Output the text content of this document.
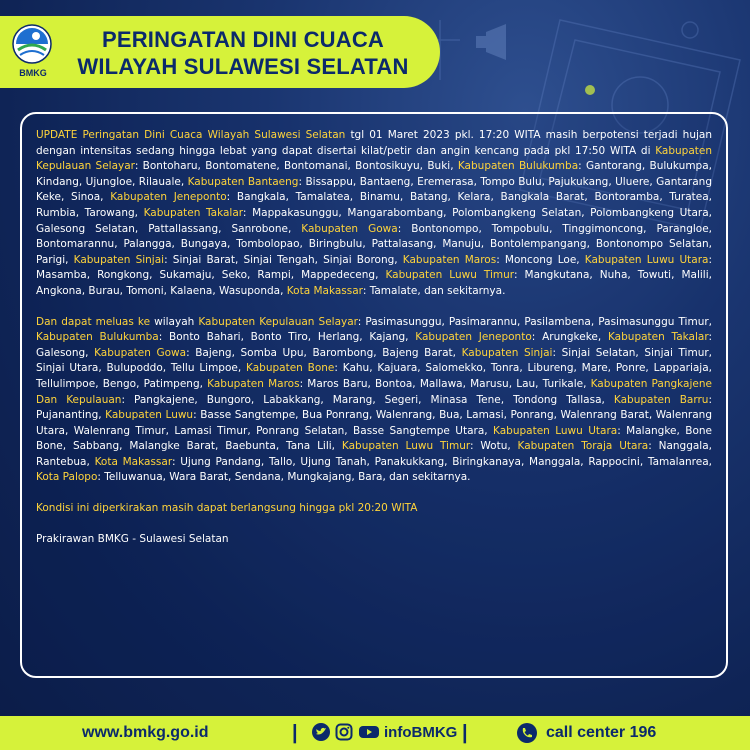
BMKG
PERINGATAN DINI CUACA
WILAYAH SULAWESI SELATAN

UPDATE Peringatan Dini Cuaca Wilayah Sulawesi Selatan tgl 01 Maret 2023 pkl. 17:20 WITA masih berpotensi terjadi hujan dengan intensitas sedang hingga lebat yang dapat disertai kilat/petir dan angin kencang pada pkl 17:50 WITA di Kabupaten Kepulauan Selayar: Bontoharu, Bontomatene, Bontomanai, Bontosikuyu, Buki, Kabupaten Bulukumba: Gantorang, Bulukumpa, Kindang, Ujungloe, Rilauale, Kabupaten Bantaeng: Bissappu, Bantaeng, Eremerasa, Tompo Bulu, Pajukukang, Uluere, Gantarang Keke, Sinoa, Kabupaten Jeneponto: Bangkala, Tamalatea, Binamu, Batang, Kelara, Bangkala Barat, Bontoramba, Turatea, Rumbia, Tarowang, Kabupaten Takalar: Mappakasunggu, Mangarabombang, Polombangkeng Selatan, Polombangkeng Utara, Galesong Selatan, Pattallassang, Sanrobone, Kabupaten Gowa: Bontonompo, Tompobulu, Tinggimoncong, Parangloe, Bontomarannu, Palangga, Bungaya, Tombolopao, Biringbulu, Pattalasang, Manuju, Bontolempangang, Bontonompo Selatan, Parigi, Kabupaten Sinjai: Sinjai Barat, Sinjai Tengah, Sinjai Borong, Kabupaten Maros: Moncong Loe, Kabupaten Luwu Utara: Masamba, Rongkong, Sukamaju, Seko, Rampi, Mappedeceng, Kabupaten Luwu Timur: Mangkutana, Nuha, Towuti, Malili, Angkona, Burau, Tomoni, Kalaena, Wasuponda, Kota Makassar: Tamalate, dan sekitarnya.

Dan dapat meluas ke wilayah Kabupaten Kepulauan Selayar: Pasimasunggu, Pasimarannu, Pasilambena, Pasimasunggu Timur, Kabupaten Bulukumba: Bonto Bahari, Bonto Tiro, Herlang, Kajang, Kabupaten Jeneponto: Arungkeke, Kabupaten Takalar: Galesong, Kabupaten Gowa: Bajeng, Somba Upu, Barombong, Bajeng Barat, Kabupaten Sinjai: Sinjai Selatan, Sinjai Timur, Sinjai Utara, Bulupoddo, Tellu Limpoe, Kabupaten Bone: Kahu, Kajuara, Salomekko, Tonra, Libureng, Mare, Ponre, Lappariaja, Tellulimpoe, Bengo, Patimpeng, Kabupaten Maros: Maros Baru, Bontoa, Mallawa, Marusu, Lau, Turikale, Kabupaten Pangkajene Dan Kepulauan: Pangkajene, Bungoro, Labakkang, Marang, Segeri, Minasa Tene, Tondong Tallasa, Kabupaten Barru: Pujananting, Kabupaten Luwu: Basse Sangtempe, Bua Ponrang, Walenrang, Bua, Lamasi, Ponrang, Walenrang Barat, Walenrang Utara, Walenrang Timur, Lamasi Timur, Ponrang Selatan, Basse Sangtempe Utara, Kabupaten Luwu Utara: Malangke, Bone Bone, Sabbang, Malangke Barat, Baebunta, Tana Lili, Kabupaten Luwu Timur: Wotu, Kabupaten Toraja Utara: Nanggala, Rantebua, Kota Makassar: Ujung Pandang, Tallo, Ujung Tanah, Panakukkang, Biringkanaya, Manggala, Rappocini, Tamalanrea, Kota Palopo: Telluwanua, Wara Barat, Sendana, Mungkajang, Bara, dan sekitarnya.

Kondisi ini diperkirakan masih dapat berlangsung hingga pkl 20:20 WITA

Prakirawan BMKG - Sulawesi Selatan

www.bmkg.go.id	|	infoBMKG |	call center 196
